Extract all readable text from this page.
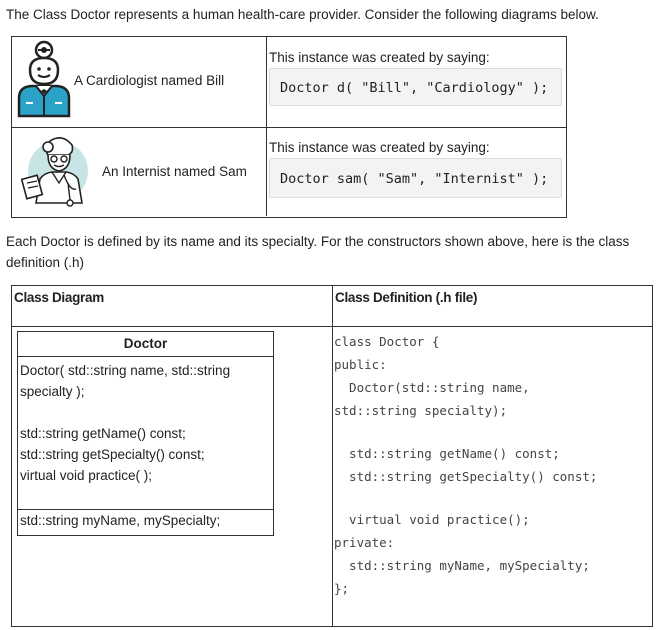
The Class Doctor represents a human health-care provider. Consider the following diagrams below.
A Cardiologist named Bill
This instance was created by saying:
Doctor d( "Bill", "Cardiology" );
An Internist named Sam
This instance was created by saying:
Doctor sam( "Sam", "Internist" );
Each Doctor is defined by its name and its specialty. For the constructors shown above, here is the class definition (.h)
Class Diagram	Class Definition (.h file)
Doctor
Doctor( std::string name, std::string
specialty );
std::string getName() const;
std::string getSpecialty() const;
virtual void practice( );
std::string myName, mySpecialty;
class Doctor {
public:
Doctor(std::string name,
std::string specialty);
std::string getName() const;
std::string getSpecialty() const;
virtual void practice();
private:
std::string myName, mySpecialty;
};
